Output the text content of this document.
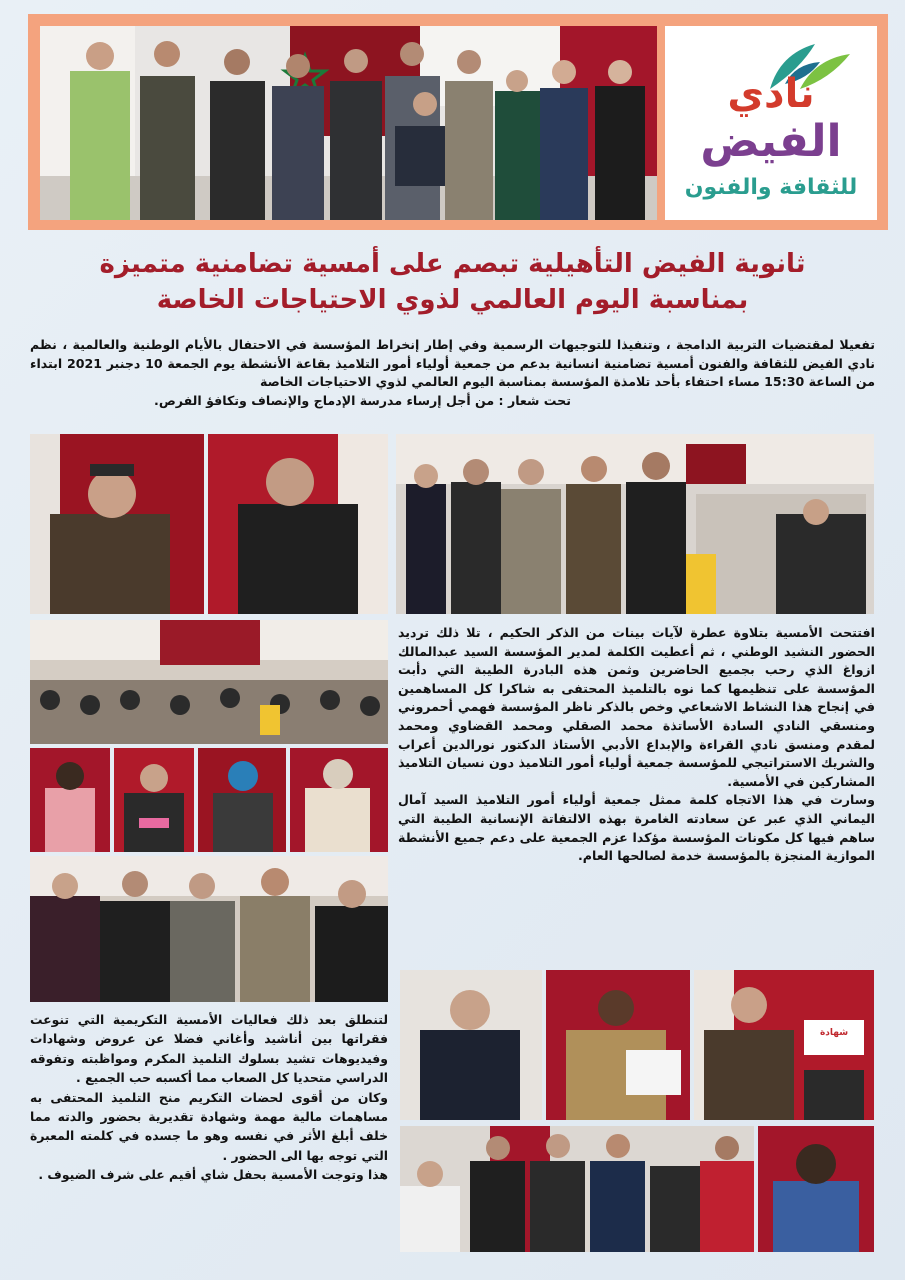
نادي
الفيض
للثقافة والفنون
ثانوية الفيض التأهيلية تبصم على أمسية تضامنية متميزة
بمناسبة اليوم العالمي لذوي الاحتياجات الخاصة

تفعيلا لمقتضيات التربية الدامجة ، وتنفيذا للتوجيهات الرسمية وفي إطار إنخراط المؤسسة في الاحتفال بالأيام الوطنية والعالمية ، نظم نادي الفيض للثقافة والفنون أمسية تضامنية انسانية بدعم من جمعية أولياء أمور التلاميذ بقاعة الأنشطة يوم الجمعة 10 دجنبر 2021 ابتداء من الساعة 15:30 مساء احتفاء بأحد تلامذة المؤسسة بمناسبة اليوم العالمي لذوي الاحتياجات الخاصة

تحت شعار : من أجل إرساء مدرسة الإدماج والإنصاف وتكافؤ الفرص.

شهادة

افتتحت الأمسية بتلاوة عطرة لآيات بينات من الذكر الحكيم ، تلا ذلك ترديد الحضور النشيد الوطني ، ثم أعطيت الكلمة لمدير المؤسسة السيد عبدالمالك ازواغ الذي رحب بجميع الحاضرين وثمن هذه البادرة الطيبة التي دأبت المؤسسة على تنظيمها كما نوه بالتلميذ المحتفى به شاكرا كل المساهمين في إنجاح هذا النشاط الاشعاعي وخص بالذكر ناظر المؤسسة فهمي أحمروني ومنسقي النادي السادة الأساتذة محمد الصقلي ومحمد القضاوي ومحمد لمقدم ومنسق نادي القراءة والإبداع الأدبي الأستاذ الدكتور نورالدين أعراب والشريك الاستراتيجي للمؤسسة جمعية أولياء أمور التلاميذ دون نسيان التلاميذ المشاركين في الأمسية.

وسارت في هذا الاتجاه كلمة ممثل جمعية أولياء أمور التلاميذ السيد آمال اليماني الذي عبر عن سعادته الغامرة بهذه الالتفاتة الإنسانية الطيبة التي ساهم فيها كل مكونات المؤسسة مؤكدا عزم الجمعية على دعم جميع الأنشطة الموازية المنجزة بالمؤسسة خدمة لصالحها العام.

لتنطلق بعد ذلك فعاليات الأمسية التكريمية التي تنوعت فقراتها بين أناشيد وأغاني فضلا عن عروض وشهادات وفيديوهات تشيد بسلوك التلميذ المكرم ومواظبته وتفوقه الدراسي متحديا كل الصعاب مما أكسبه حب الجميع .

وكان من أقوى لحضات التكريم منح التلميذ المحتفى به مساهمات مالية مهمة وشهادة تقديرية بحضور والدته مما خلف أبلغ الأثر في نفسه وهو ما جسده في كلمته المعبرة التي توجه بها الى الحضور .

هذا وتوجت الأمسية بحفل شاي أقيم على شرف الضيوف .
